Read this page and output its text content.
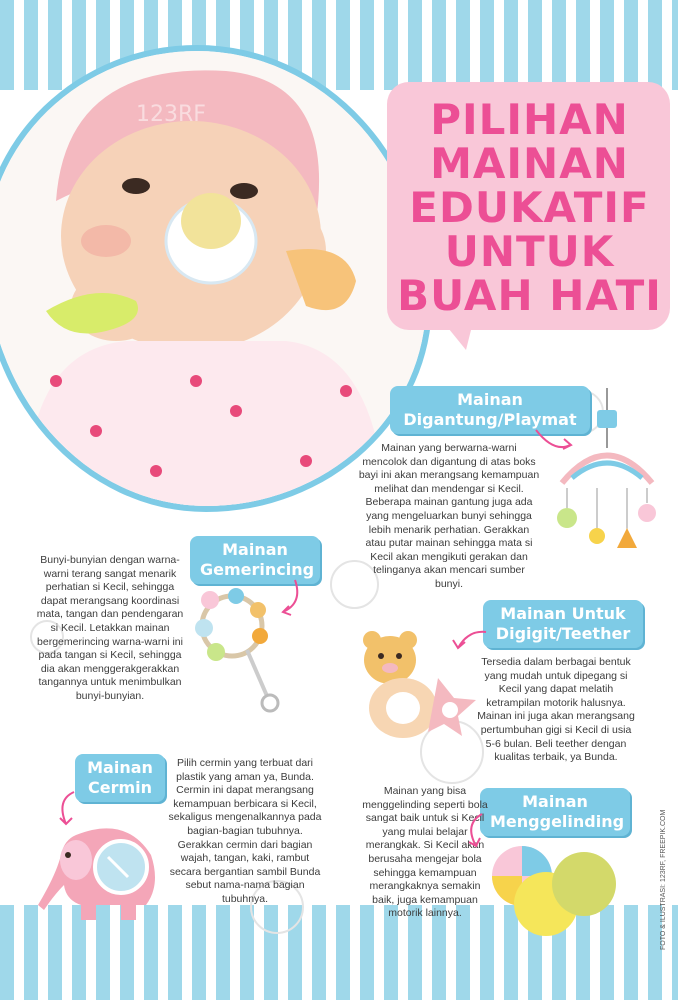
123RF	PILIHAN
MAINAN
EDUKATIF
UNTUK
BUAH HATI
Mainan
Digantung/Playmat
Mainan yang berwarna-warni mencolok dan digantung di atas boks bayi ini akan merangsang kemampuan melihat dan mendengar si Kecil. Beberapa mainan gantung juga ada yang mengeluarkan bunyi sehingga lebih menarik perhatian. Gerakkan atau putar mainan sehingga mata si Kecil akan mengikuti gerakan dan telinganya akan mencari sumber bunyi.
Mainan
Gemerincing
Bunyi-bunyian dengan warna-warni terang sangat menarik perhatian si Kecil, sehingga dapat merangsang koordinasi mata, tangan dan pendengaran si Kecil. Letakkan mainan bergemerincing warna-warni ini pada tangan si Kecil, sehingga dia akan menggerakgerakkan tangannya untuk menimbulkan bunyi-bunyian.
Mainan Untuk
Digigit/Teether
Tersedia dalam berbagai bentuk yang mudah untuk dipegang si Kecil yang dapat melatih ketrampilan motorik halusnya. Mainan ini juga akan merangsang pertumbuhan gigi si Kecil di usia 5-6 bulan. Beli teether dengan kualitas terbaik, ya Bunda.
Mainan
Cermin
Pilih cermin yang terbuat dari plastik yang aman ya, Bunda. Cermin ini dapat merangsang kemampuan berbicara si Kecil, sekaligus mengenalkannya pada bagian-bagian tubuhnya. Gerakkan cermin dari bagian wajah, tangan, kaki, rambut secara bergantian sambil Bunda sebut nama-nama bagian tubuhnya.
Mainan
Menggelinding
Mainan yang bisa menggelinding seperti bola sangat baik untuk si Kecil yang mulai belajar merangkak. Si Kecil akan berusaha mengejar bola sehingga kemampuan merangkaknya semakin baik, juga kemampuan motorik lainnya.	FOTO & ILUSTRASI: 123RF, FREEPIK.COM
